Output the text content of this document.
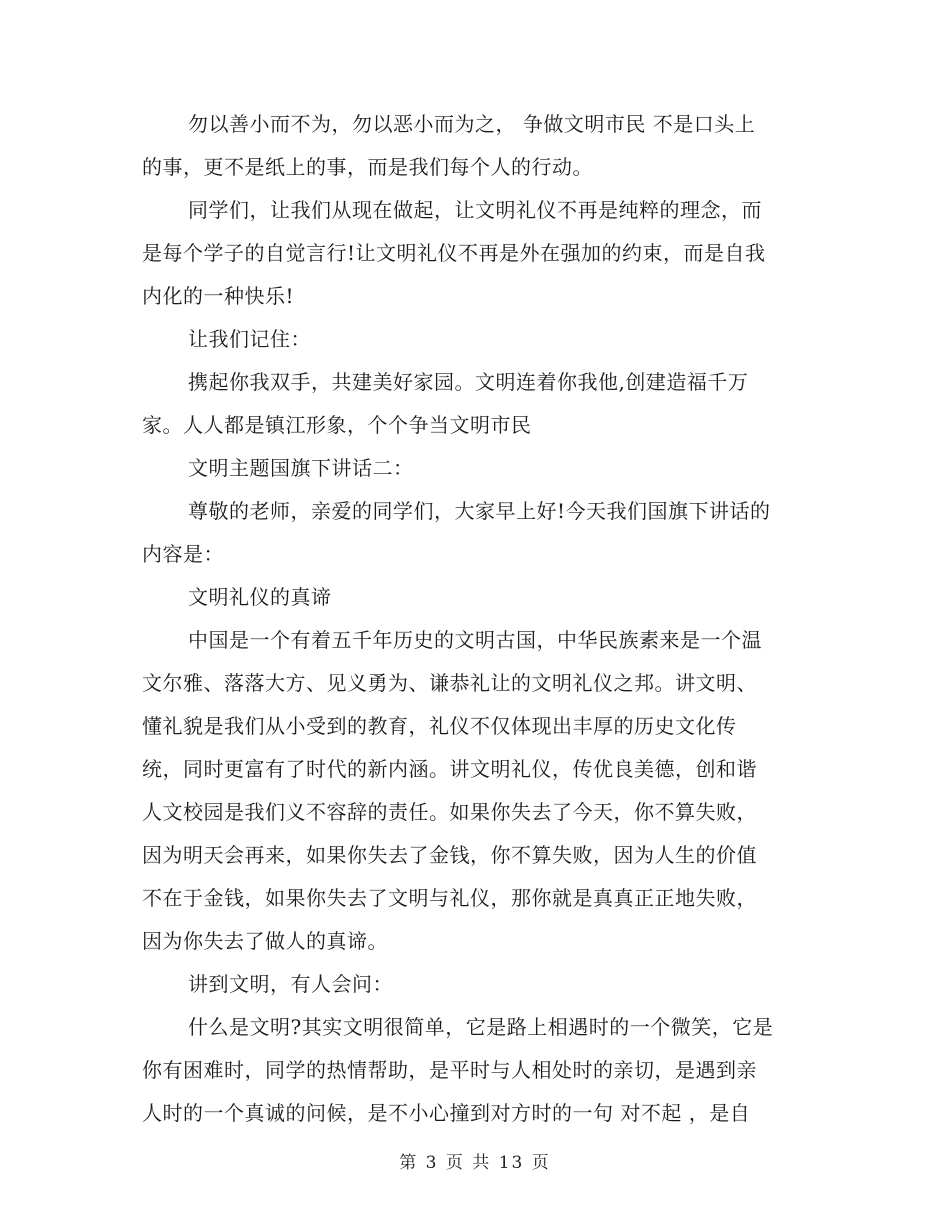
勿以善小而不为，勿以恶小而为之， 争做文明市民 不是口头上
的事，更不是纸上的事，而是我们每个人的行动。
同学们，让我们从现在做起，让文明礼仪不再是纯粹的理念，而
是每个学子的自觉言行!让文明礼仪不再是外在强加的约束，而是自我
内化的一种快乐!
让我们记住：
携起你我双手，共建美好家园。文明连着你我他,创建造福千万
家。人人都是镇江形象，个个争当文明市民
文明主题国旗下讲话二：
尊敬的老师，亲爱的同学们，大家早上好!今天我们国旗下讲话的
内容是：
文明礼仪的真谛
中国是一个有着五千年历史的文明古国，中华民族素来是一个温
文尔雅、落落大方、见义勇为、谦恭礼让的文明礼仪之邦。讲文明、
懂礼貌是我们从小受到的教育，礼仪不仅体现出丰厚的历史文化传
统，同时更富有了时代的新内涵。讲文明礼仪，传优良美德，创和谐
人文校园是我们义不容辞的责任。如果你失去了今天，你不算失败，
因为明天会再来，如果你失去了金钱，你不算失败，因为人生的价值
不在于金钱，如果你失去了文明与礼仪，那你就是真真正正地失败，
因为你失去了做人的真谛。
讲到文明，有人会问：
什么是文明?其实文明很简单，它是路上相遇时的一个微笑，它是
你有困难时，同学的热情帮助，是平时与人相处时的亲切，是遇到亲
人时的一个真诚的问候，是不小心撞到对方时的一句 对不起 ，是自
第 3 页 共 13 页
